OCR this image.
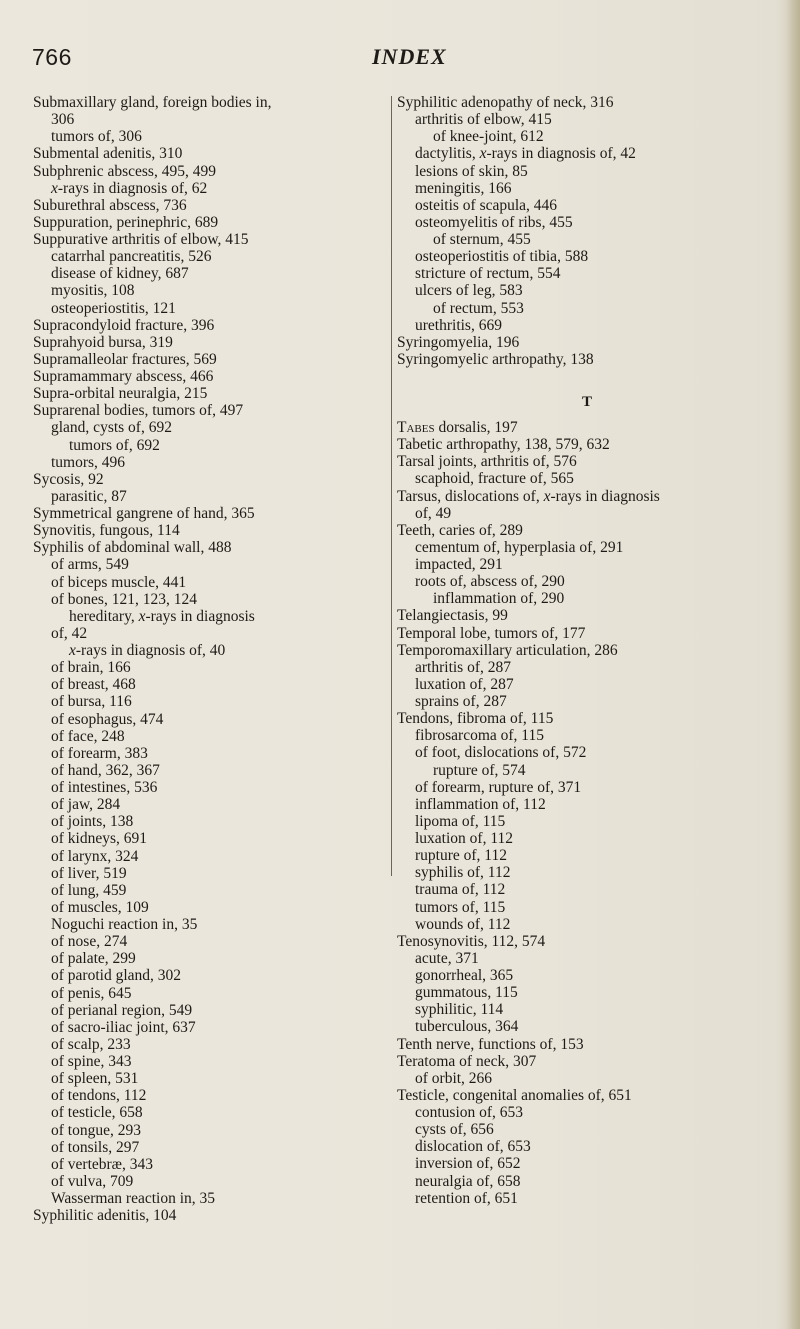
766	INDEX
Submaxillary gland, foreign bodies in,
306
tumors of, 306
Submental adenitis, 310
Subphrenic abscess, 495, 499
x-rays in diagnosis of, 62
Suburethral abscess, 736
Suppuration, perinephric, 689
Suppurative arthritis of elbow, 415
catarrhal pancreatitis, 526
disease of kidney, 687
myositis, 108
osteoperiostitis, 121
Supracondyloid fracture, 396
Suprahyoid bursa, 319
Supramalleolar fractures, 569
Supramammary abscess, 466
Supra-orbital neuralgia, 215
Suprarenal bodies, tumors of, 497
gland, cysts of, 692
tumors of, 692
tumors, 496
Sycosis, 92
parasitic, 87
Symmetrical gangrene of hand, 365
Synovitis, fungous, 114
Syphilis of abdominal wall, 488
of arms, 549
of biceps muscle, 441
of bones, 121, 123, 124
hereditary, x-rays in diagnosis
of, 42
x-rays in diagnosis of, 40
of brain, 166
of breast, 468
of bursa, 116
of esophagus, 474
of face, 248
of forearm, 383
of hand, 362, 367
of intestines, 536
of jaw, 284
of joints, 138
of kidneys, 691
of larynx, 324
of liver, 519
of lung, 459
of muscles, 109
Noguchi reaction in, 35
of nose, 274
of palate, 299
of parotid gland, 302
of penis, 645
of perianal region, 549
of sacro-iliac joint, 637
of scalp, 233
of spine, 343
of spleen, 531
of tendons, 112
of testicle, 658
of tongue, 293
of tonsils, 297
of vertebræ, 343
of vulva, 709
Wasserman reaction in, 35
Syphilitic adenitis, 104
Syphilitic adenopathy of neck, 316
arthritis of elbow, 415
of knee-joint, 612
dactylitis, x-rays in diagnosis of, 42
lesions of skin, 85
meningitis, 166
osteitis of scapula, 446
osteomyelitis of ribs, 455
of sternum, 455
osteoperiostitis of tibia, 588
stricture of rectum, 554
ulcers of leg, 583
of rectum, 553
urethritis, 669
Syringomyelia, 196
Syringomyelic arthropathy, 138
T
Tabes dorsalis, 197
Tabetic arthropathy, 138, 579, 632
Tarsal joints, arthritis of, 576
scaphoid, fracture of, 565
Tarsus, dislocations of, x-rays in diagnosis
of, 49
Teeth, caries of, 289
cementum of, hyperplasia of, 291
impacted, 291
roots of, abscess of, 290
inflammation of, 290
Telangiectasis, 99
Temporal lobe, tumors of, 177
Temporomaxillary articulation, 286
arthritis of, 287
luxation of, 287
sprains of, 287
Tendons, fibroma of, 115
fibrosarcoma of, 115
of foot, dislocations of, 572
rupture of, 574
of forearm, rupture of, 371
inflammation of, 112
lipoma of, 115
luxation of, 112
rupture of, 112
syphilis of, 112
trauma of, 112
tumors of, 115
wounds of, 112
Tenosynovitis, 112, 574
acute, 371
gonorrheal, 365
gummatous, 115
syphilitic, 114
tuberculous, 364
Tenth nerve, functions of, 153
Teratoma of neck, 307
of orbit, 266
Testicle, congenital anomalies of, 651
contusion of, 653
cysts of, 656
dislocation of, 653
inversion of, 652
neuralgia of, 658
retention of, 651
